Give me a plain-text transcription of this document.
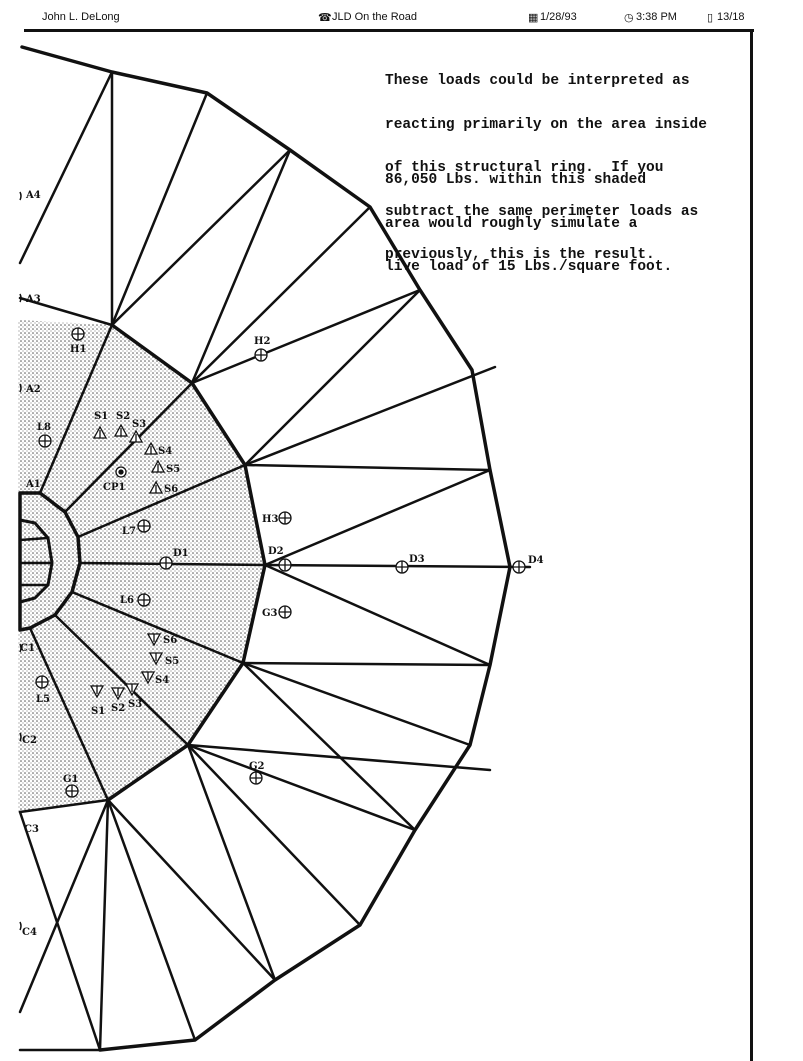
John L. DeLong	☎ JLD On the Road	▦ 1/28/93	◷ 3:38 PM	▯ 13/18

These loads could be interpreted as

reacting primarily on the area inside

of this structural ring.  If you

subtract the same perimeter loads as

previously, this is the result.

86,050 Lbs. within this shaded

area would roughly simulate a

live load of 15 Lbs./square foot.

A4
A3
H1
H2
A2
L8
S1 S2
S3
S4
S5
S6
CP1
A1
H3
L7
D1	D2
D3	D4
L6
G3
S6
S5
S4
C1
L5	S3
S2
S1
C2
G2
G1
C3
C4
